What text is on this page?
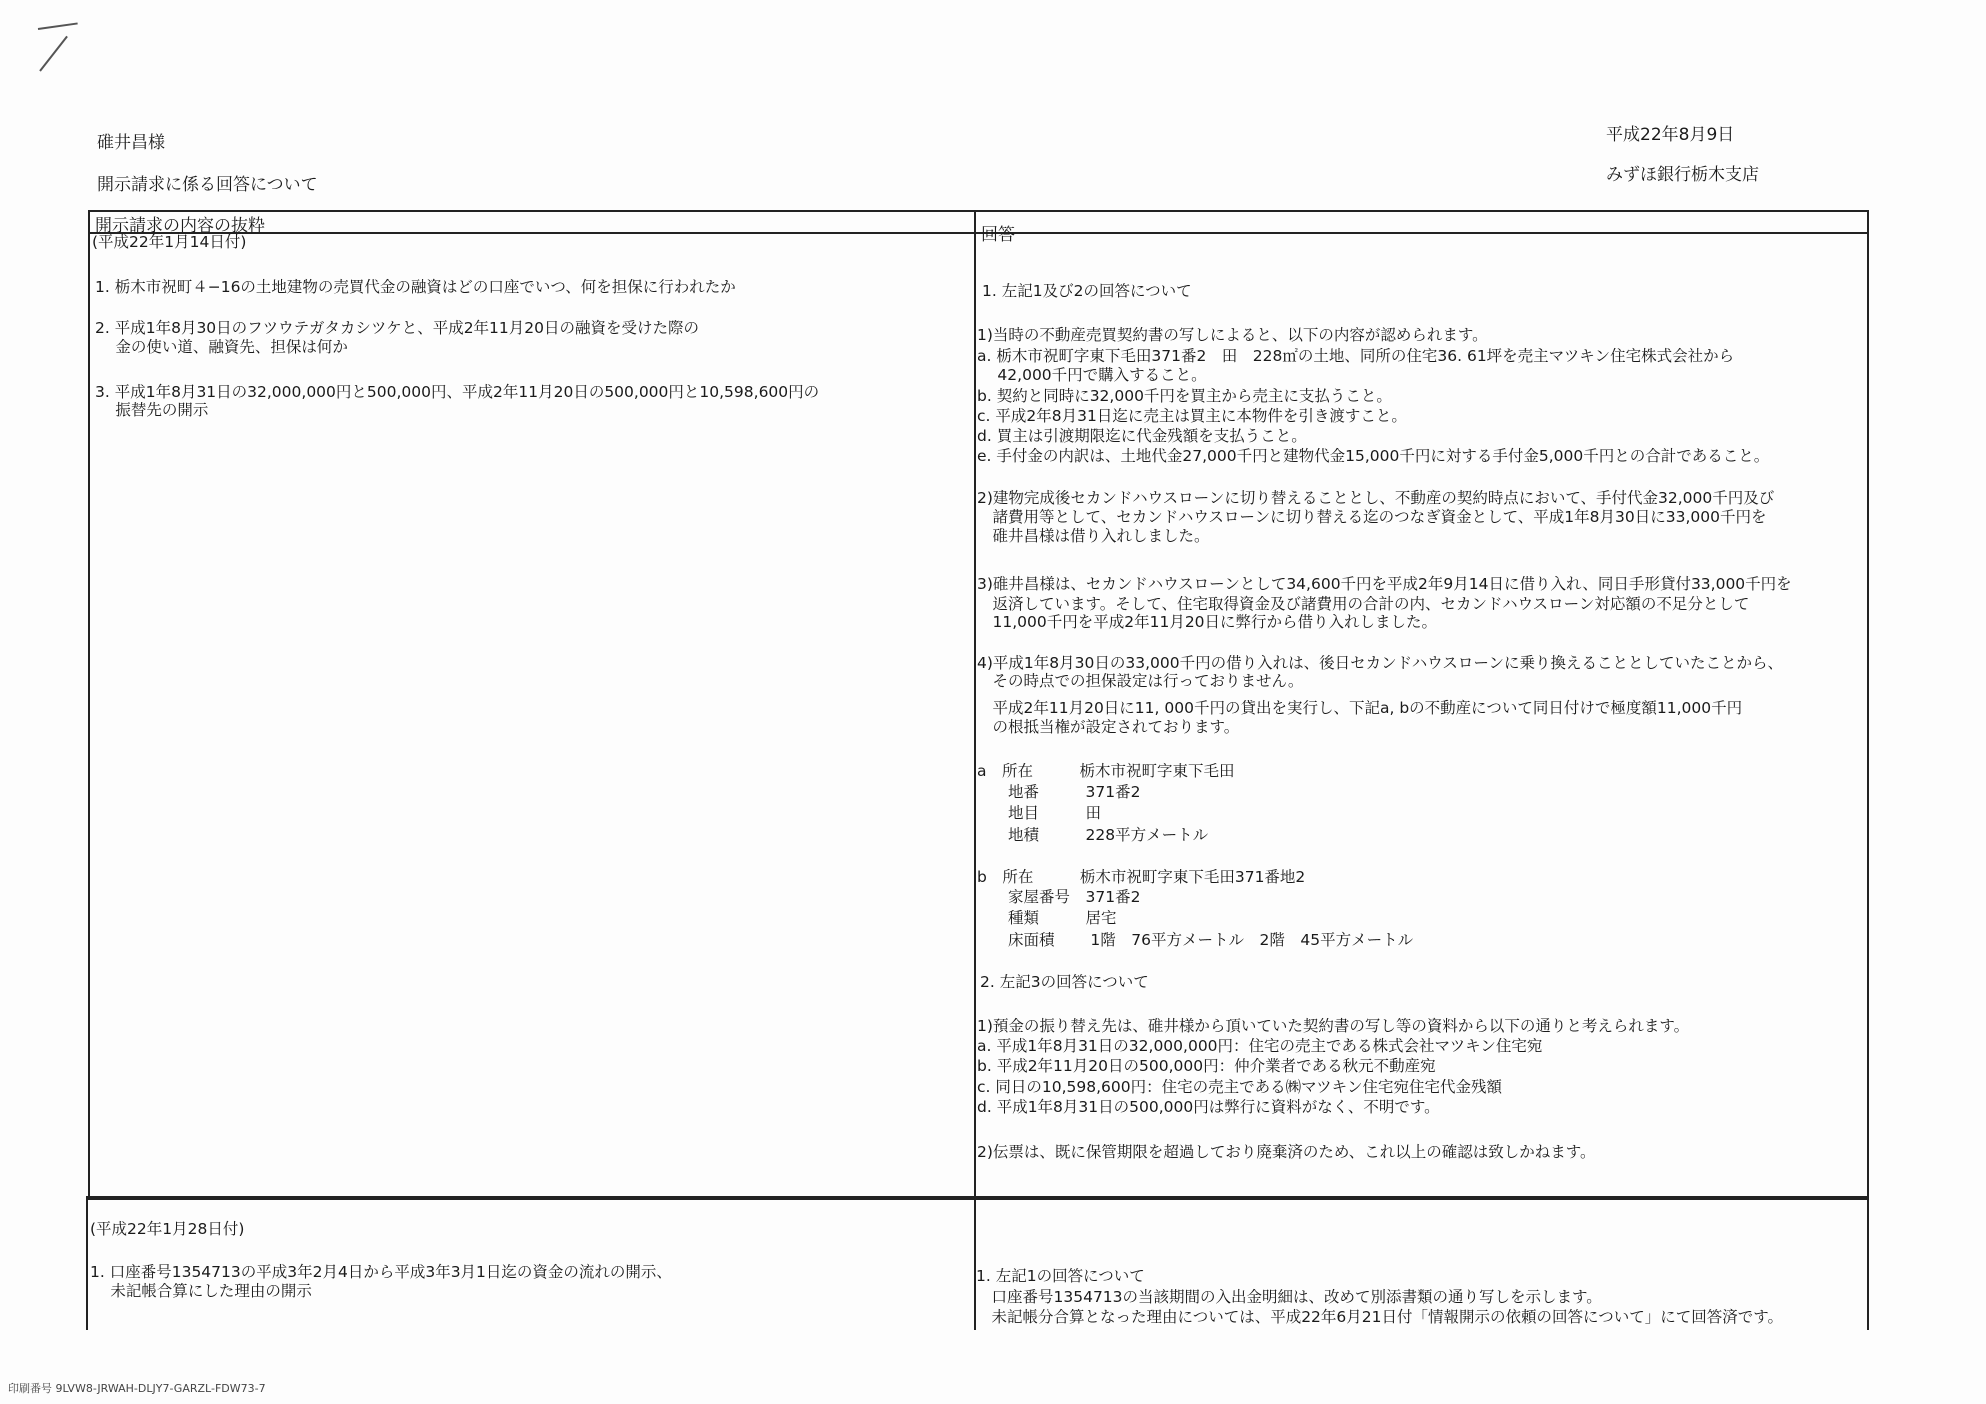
碓井昌様
開示請求に係る回答について
平成22年8月9日
みずほ銀行栃木支店
開示請求の内容の抜粋	回答
(平成22年1月14日付)
1. 栃木市祝町４−16の土地建物の売買代金の融資はどの口座でいつ、何を担保に行われたか
2. 平成1年8月30日のフツウテガタカシツケと、平成2年11月20日の融資を受けた際の
　 金の使い道、融資先、担保は何か
3. 平成1年8月31日の32,000,000円と500,000円、平成2年11月20日の500,000円と10,598,600円の
　 振替先の開示
1. 左記1及び2の回答について
1)当時の不動産売買契約書の写しによると、以下の内容が認められます。
a. 栃木市祝町字東下毛田371番2　田　228㎡の土地、同所の住宅36. 61坪を売主マツキン住宅株式会社から
　 42,000千円で購入すること。
b. 契約と同時に32,000千円を買主から売主に支払うこと。
c. 平成2年8月31日迄に売主は買主に本物件を引き渡すこと。
d. 買主は引渡期限迄に代金残額を支払うこと。
e. 手付金の内訳は、土地代金27,000千円と建物代金15,000千円に対する手付金5,000千円との合計であること。
2)建物完成後セカンドハウスローンに切り替えることとし、不動産の契約時点において、手付代金32,000千円及び
　諸費用等として、セカンドハウスローンに切り替える迄のつなぎ資金として、平成1年8月30日に33,000千円を
　碓井昌様は借り入れしました。
3)碓井昌様は、セカンドハウスローンとして34,600千円を平成2年9月14日に借り入れ、同日手形貸付33,000千円を
　返済しています。そして、住宅取得資金及び諸費用の合計の内、セカンドハウスローン対応額の不足分として
　11,000千円を平成2年11月20日に弊行から借り入れしました。
4)平成1年8月30日の33,000千円の借り入れは、後日セカンドハウスローンに乗り換えることとしていたことから、
　その時点での担保設定は行っておりません。
　平成2年11月20日に11, 000千円の貸出を実行し、下記a, bの不動産について同日付けで極度額11,000千円
　の根抵当権が設定されております。
a　所在　　　栃木市祝町字東下毛田
　　地番　　　371番2
　　地目　　　田
　　地積　　　228平方メートル
b　所在　　　栃木市祝町字東下毛田371番地2
　　家屋番号　371番2
　　種類　　　居宅
　　床面積　　 1階　76平方メートル　2階　45平方メートル
2. 左記3の回答について
1)預金の振り替え先は、碓井様から頂いていた契約書の写し等の資料から以下の通りと考えられます。
a. 平成1年8月31日の32,000,000円：住宅の売主である株式会社マツキン住宅宛
b. 平成2年11月20日の500,000円：仲介業者である秋元不動産宛
c. 同日の10,598,600円：住宅の売主である㈱マツキン住宅宛住宅代金残額
d. 平成1年8月31日の500,000円は弊行に資料がなく、不明です。
2)伝票は、既に保管期限を超過しており廃棄済のため、これ以上の確認は致しかねます。
(平成22年1月28日付)
1. 口座番号1354713の平成3年2月4日から平成3年3月1日迄の資金の流れの開示、
　 未記帳合算にした理由の開示
1. 左記1の回答について
　口座番号1354713の当該期間の入出金明細は、改めて別添書類の通り写しを示します。
　未記帳分合算となった理由については、平成22年6月21日付「情報開示の依頼の回答について」にて回答済です。
印刷番号 9LVW8-JRWAH-DLJY7-GARZL-FDW73-7
